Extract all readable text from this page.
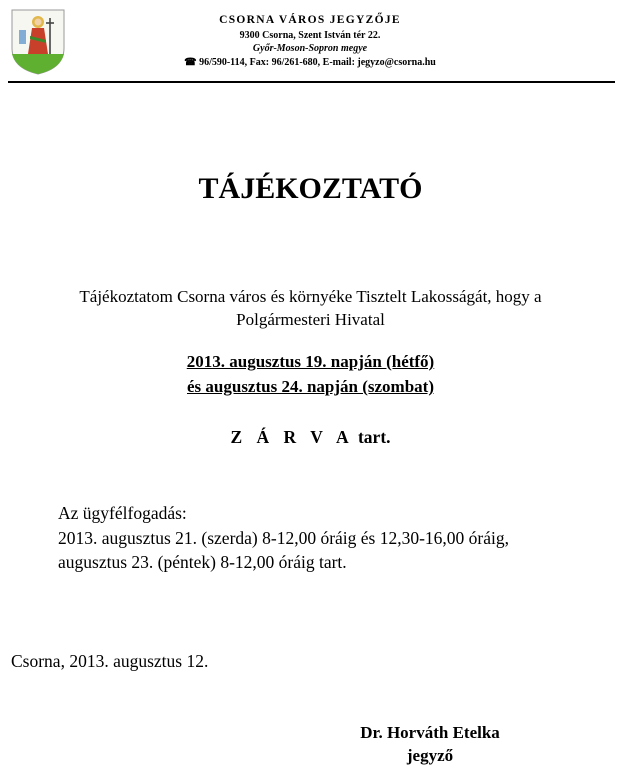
CSORNA VÁROS JEGYZŐJE
9300 Csorna, Szent István tér 22.
Győr-Moson-Sopron megye
☎ 96/590-114, Fax: 96/261-680, E-mail: jegyzo@csorna.hu
TÁJÉKOZTATÓ
Tájékoztatom Csorna város és környéke Tisztelt Lakosságát, hogy a
Polgármesteri Hivatal
2013. augusztus 19. napján (hétfő)
és augusztus 24. napján (szombat)
Z Á R V A tart.
Az ügyfélfogadás:
2013. augusztus 21. (szerda) 8-12,00 óráig és 12,30-16,00 óráig,
augusztus 23. (péntek) 8-12,00 óráig tart.
Csorna, 2013. augusztus 12.
Dr. Horváth Etelka
jegyző
